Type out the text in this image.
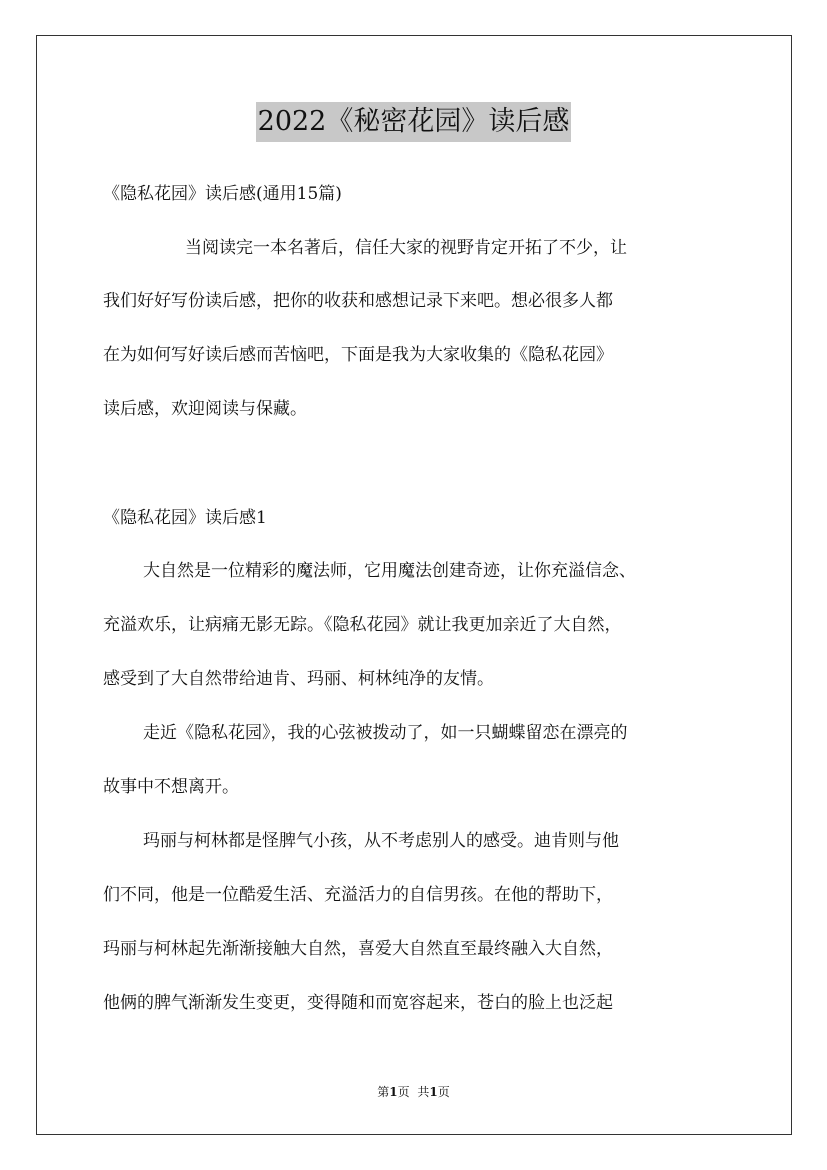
2022《秘密花园》读后感
《隐私花园》读后感(通用15篇)
当阅读完一本名著后，信任大家的视野肯定开拓了不少，让
我们好好写份读后感，把你的收获和感想记录下来吧。想必很多人都
在为如何写好读后感而苦恼吧，下面是我为大家收集的《隐私花园》
读后感，欢迎阅读与保藏。
《隐私花园》读后感1
大自然是一位精彩的魔法师，它用魔法创建奇迹，让你充溢信念、
充溢欢乐，让病痛无影无踪。《隐私花园》就让我更加亲近了大自然，
感受到了大自然带给迪肯、玛丽、柯林纯净的友情。
走近《隐私花园》，我的心弦被拨动了，如一只蝴蝶留恋在漂亮的
故事中不想离开。
玛丽与柯林都是怪脾气小孩，从不考虑别人的感受。迪肯则与他
们不同，他是一位酷爱生活、充溢活力的自信男孩。在他的帮助下，
玛丽与柯林起先渐渐接触大自然，喜爱大自然直至最终融入大自然，
他俩的脾气渐渐发生变更，变得随和而宽容起来，苍白的脸上也泛起
第1页 共1页
